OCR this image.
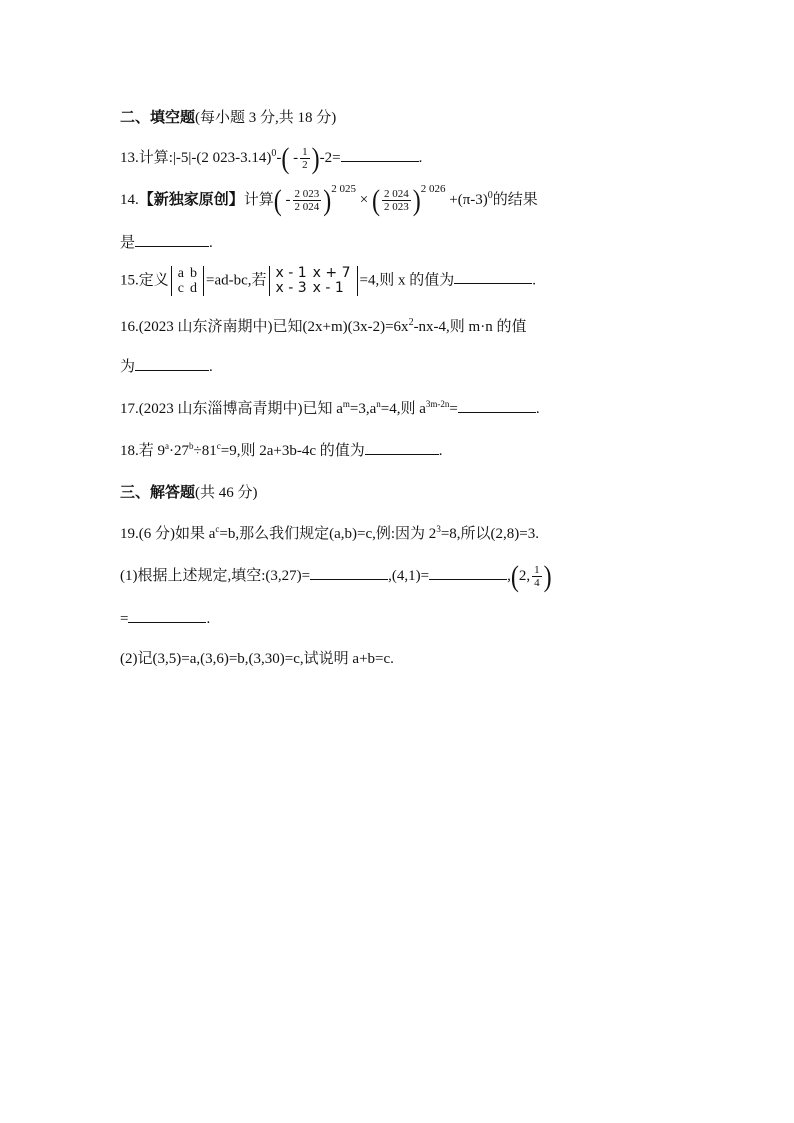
二、填空题(每小题 3 分,共 18 分)
13.计算:|-5|-(2 $023-3.14)^0-( - \frac{1}{2} )-2=$	.
14.【新独家原创】计算( - $\frac{2 023}{2 024} )^{2 025}$ × ( $\frac{2 024}{2 023} )^{2 026} +(\pi-3)^0$的结果
是	.
15.定义 a	b
c	d
=ad-bc,若 x - 1	x + 7
x - 3	x - 1 =4,则 x 的值为	.
16.(2023 山东济南期中)已知$(2x+m)(3x-2)=6x^2-nx-4$,则 m·n 的值
为	.
17.(2023 山东淄博高青期中)已知 $a^m=3,a^n=4$,则 $a^{3m-2n}=$	.
18.若 $9^a\cdot 27^b\div 81^c=9$,则 2a+3b-4c 的值为	.
三、解答题(共 46 分)
19.(6 分)如果 $a^c=b$,那么我们规定(a,b)=c,例:因为 $2^3=8$,所以(2,8)=3.
(1)根据上述规定,填空:(3,27)=	,(4,1)=	,(2, $\frac{1}{4}$ )
=	.
(2)记(3,5)=a,(3,6)=b,(3,30)=c,试说明 a+b=c.
